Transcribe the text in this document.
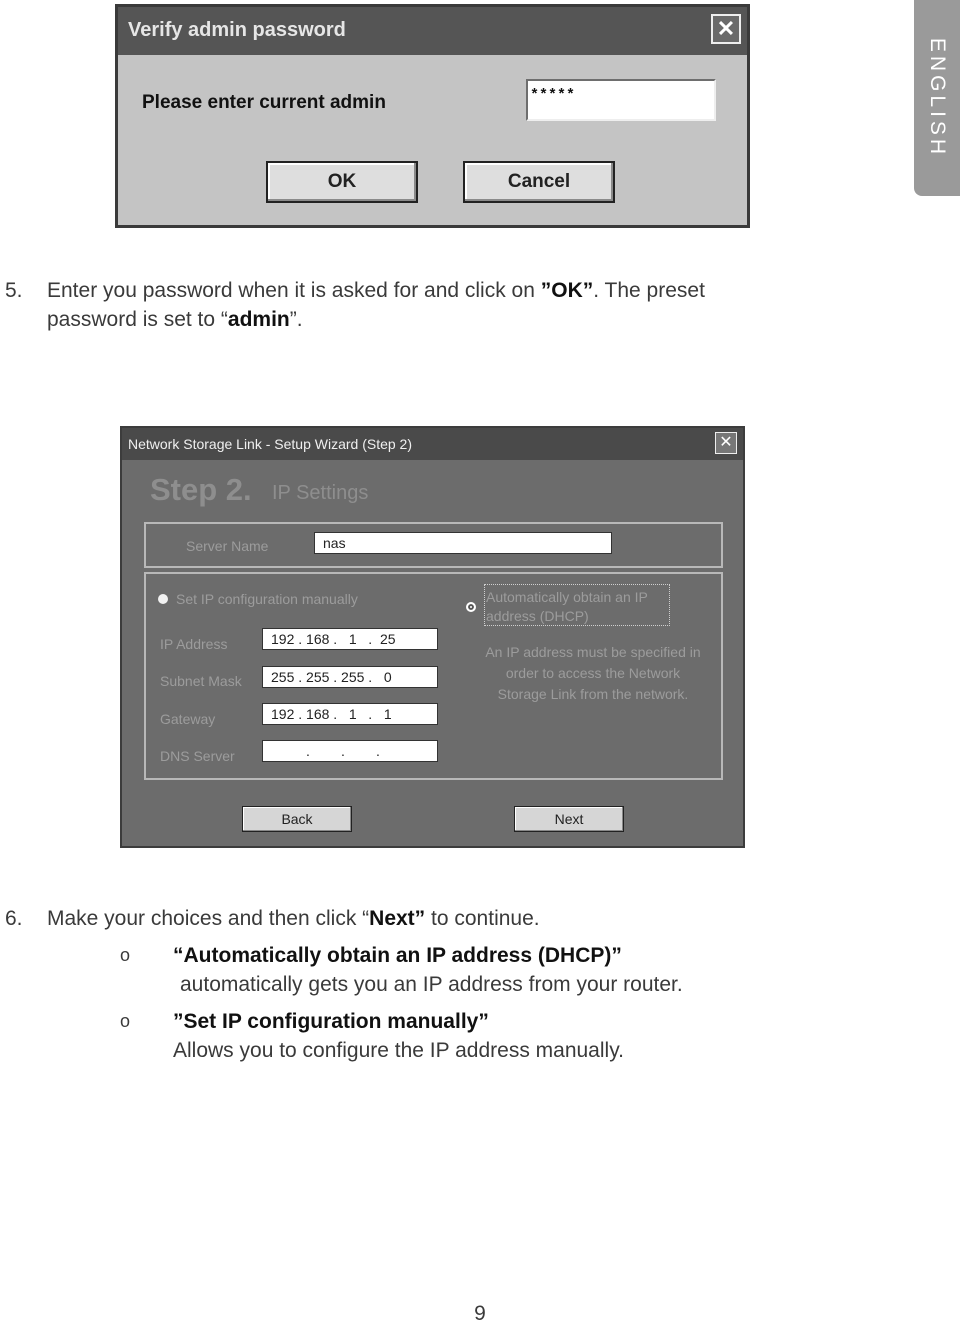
ENGLISH
Verify admin password	✕
Please enter current admin	*****
OK	Cancel
5. Enter you password when it is asked for and click on ”OK”. The preset
password is set to “admin”.
Network Storage Link - Setup Wizard (Step 2)	✕
Step 2. IP Settings
Server Name	nas
Set IP configuration manually
IP Address	192 . 168 .   1   .  25
Subnet Mask	255 . 255 . 255 .   0
Gateway	192 . 168 .   1   .   1
DNS Server	.        .        .
Automatically obtain an IP address (DHCP)
An IP address must be specified in order to access the Network Storage Link from the network.
Back	Next
6. Make your choices and then click “Next” to continue.
o “Automatically obtain an IP address (DHCP)”
automatically gets you an IP address from your router.
o ”Set IP configuration manually”
Allows you to configure the IP address manually.
9
